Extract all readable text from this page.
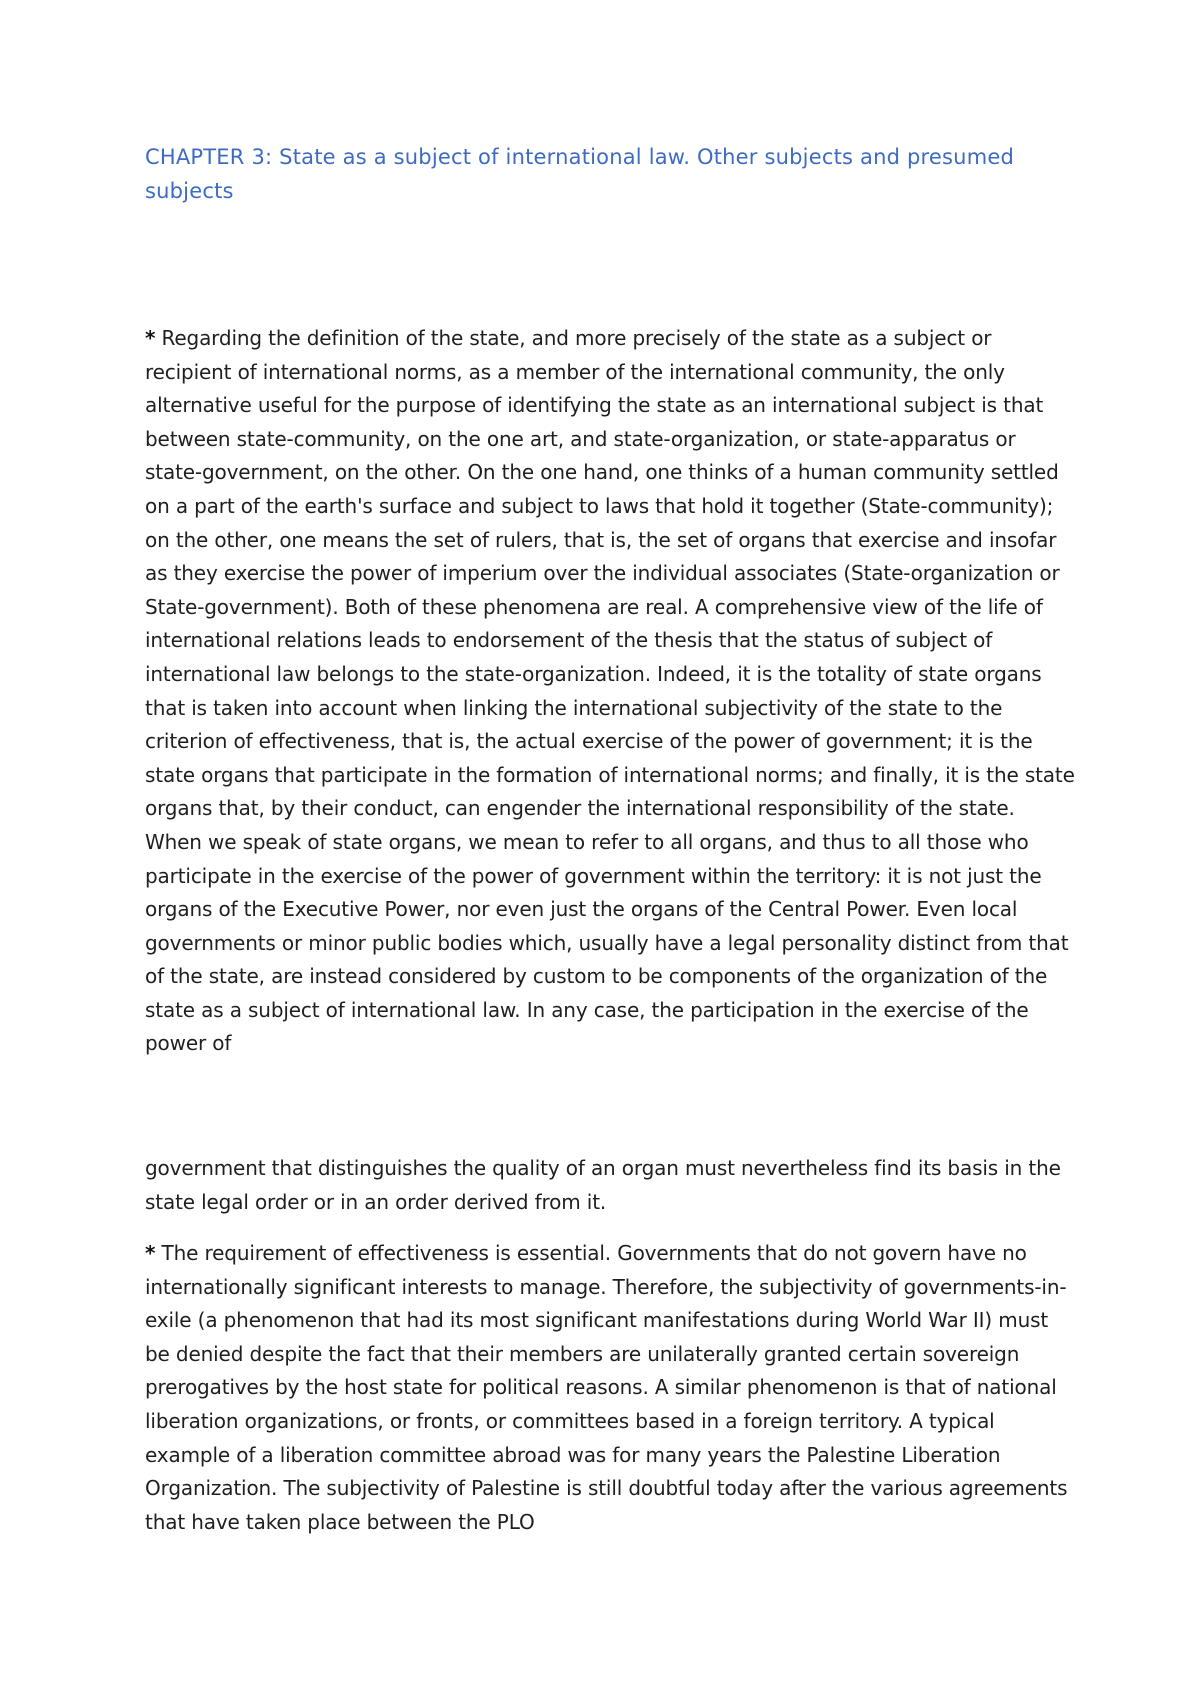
CHAPTER 3: State as a subject of international law. Other subjects and presumed subjects

* Regarding the definition of the state, and more precisely of the state as a subject or recipient of international norms, as a member of the international community, the only alternative useful for the purpose of identifying the state as an international subject is that between state-community, on the one art, and state-organization, or state-apparatus or state-government, on the other. On the one hand, one thinks of a human community settled on a part of the earth's surface and subject to laws that hold it together (State-community); on the other, one means the set of rulers, that is, the set of organs that exercise and insofar as they exercise the power of imperium over the individual associates (State-organization or State-government). Both of these phenomena are real. A comprehensive view of the life of international relations leads to endorsement of the thesis that the status of subject of international law belongs to the state-organization. Indeed, it is the totality of state organs that is taken into account when linking the international subjectivity of the state to the criterion of effectiveness, that is, the actual exercise of the power of government; it is the state organs that participate in the formation of international norms; and finally, it is the state organs that, by their conduct, can engender the international responsibility of the state. When we speak of state organs, we mean to refer to all organs, and thus to all those who participate in the exercise of the power of government within the territory: it is not just the organs of the Executive Power, nor even just the organs of the Central Power. Even local governments or minor public bodies which, usually have a legal personality distinct from that of the state, are instead considered by custom to be components of the organization of the state as a subject of international law. In any case, the participation in the exercise of the power of

government that distinguishes the quality of an organ must nevertheless find its basis in the state legal order or in an order derived from it.

* The requirement of effectiveness is essential. Governments that do not govern have no internationally significant interests to manage. Therefore, the subjectivity of governments-in-exile (a phenomenon that had its most significant manifestations during World War II) must be denied despite the fact that their members are unilaterally granted certain sovereign prerogatives by the host state for political reasons. A similar phenomenon is that of national liberation organizations, or fronts, or committees based in a foreign territory. A typical example of a liberation committee abroad was for many years the Palestine Liberation Organization. The subjectivity of Palestine is still doubtful today after the various agreements that have taken place between the PLO
